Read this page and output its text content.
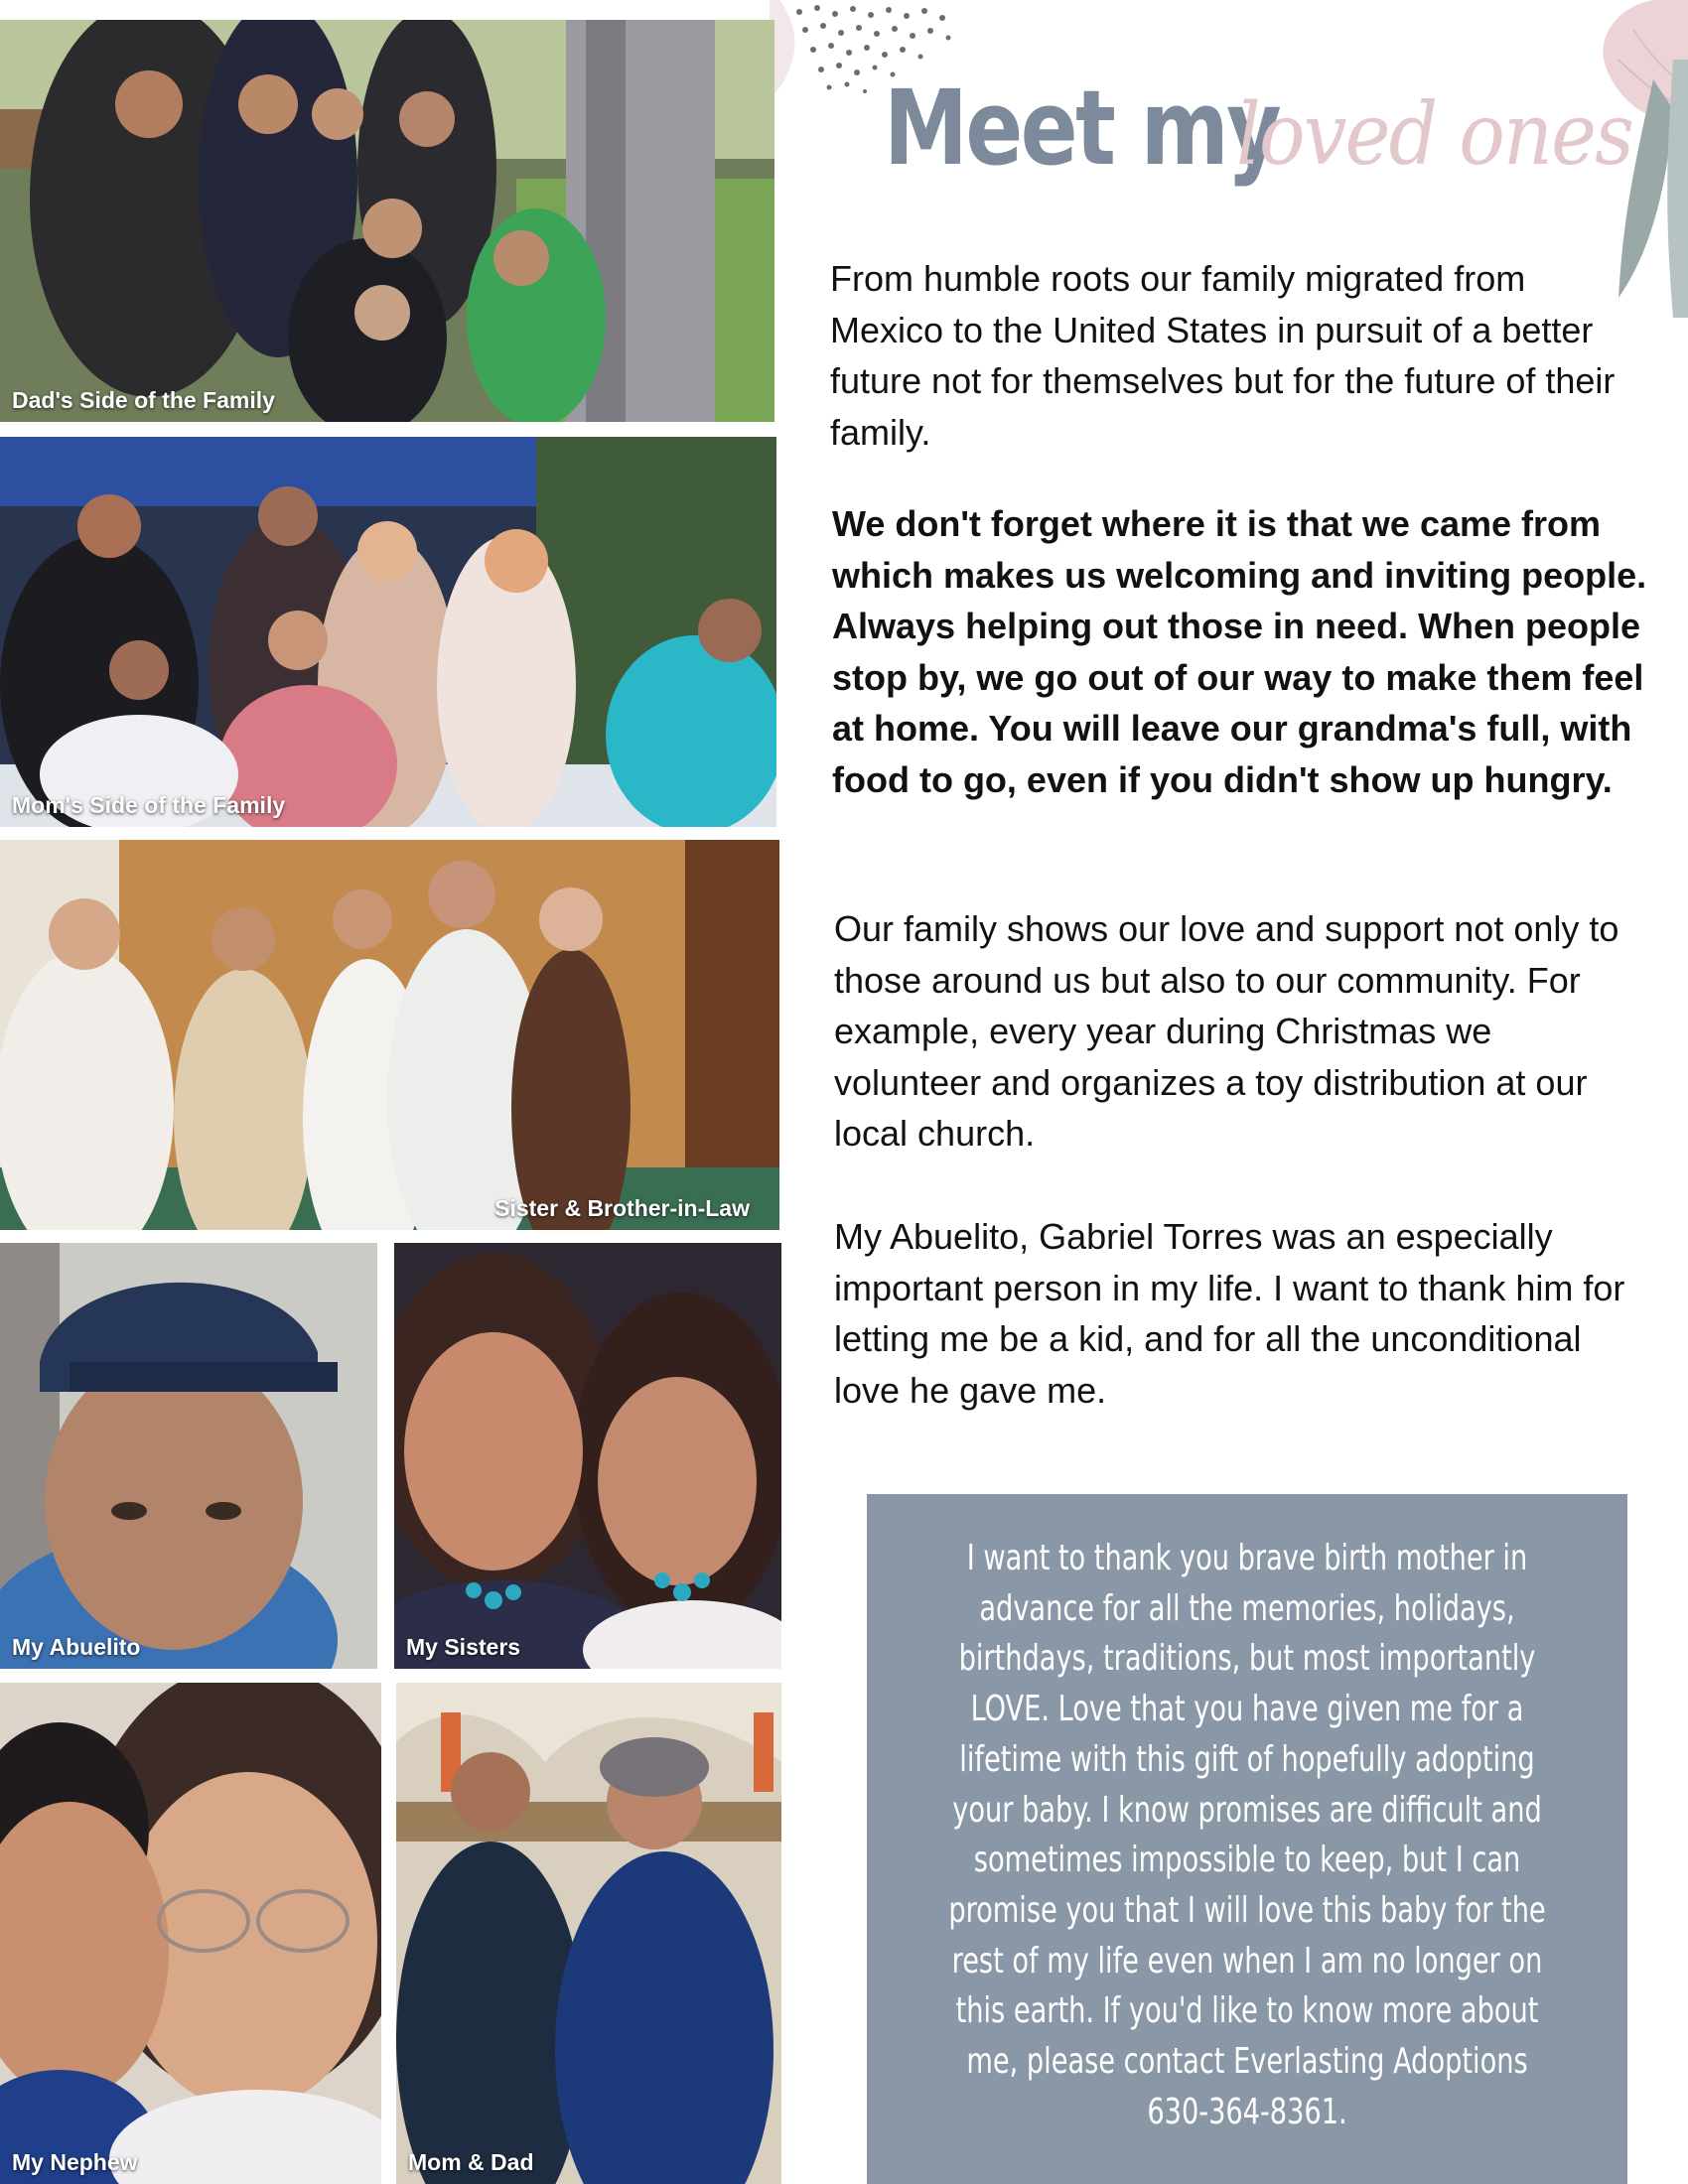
Dad's Side of the Family
Mom's Side of the Family
Sister & Brother-in-Law
My Abuelito	My Sisters
My Nephew	Mom & Dad
Meet my
loved ones

From humble roots our family migrated from Mexico to the United States in pursuit of a better future not for themselves but for the future of their family.

We don't forget where it is that we came from which makes us welcoming and inviting people. Always helping out those in need. When people stop by, we go out of our way to make them feel at home. You will leave our grandma's full, with food to go, even if you didn't show up hungry.

Our family shows our love and support not only to those around us but also to our community. For example, every year during Christmas we volunteer and organizes a toy distribution at our local church.

My Abuelito, Gabriel Torres was an especially important person in my life. I want to thank him for letting me be a kid, and for all the unconditional love he gave me.

I want to thank you brave birth mother in advance for all the memories, holidays, birthdays, traditions, but most importantly LOVE. Love that you have given me for a lifetime with this gift of hopefully adopting your baby. I know promises are difficult and sometimes impossible to keep, but I can promise you that I will love this baby for the rest of my life even when I am no longer on this earth. If you'd like to know more about me, please contact Everlasting Adoptions 630-364-8361.
